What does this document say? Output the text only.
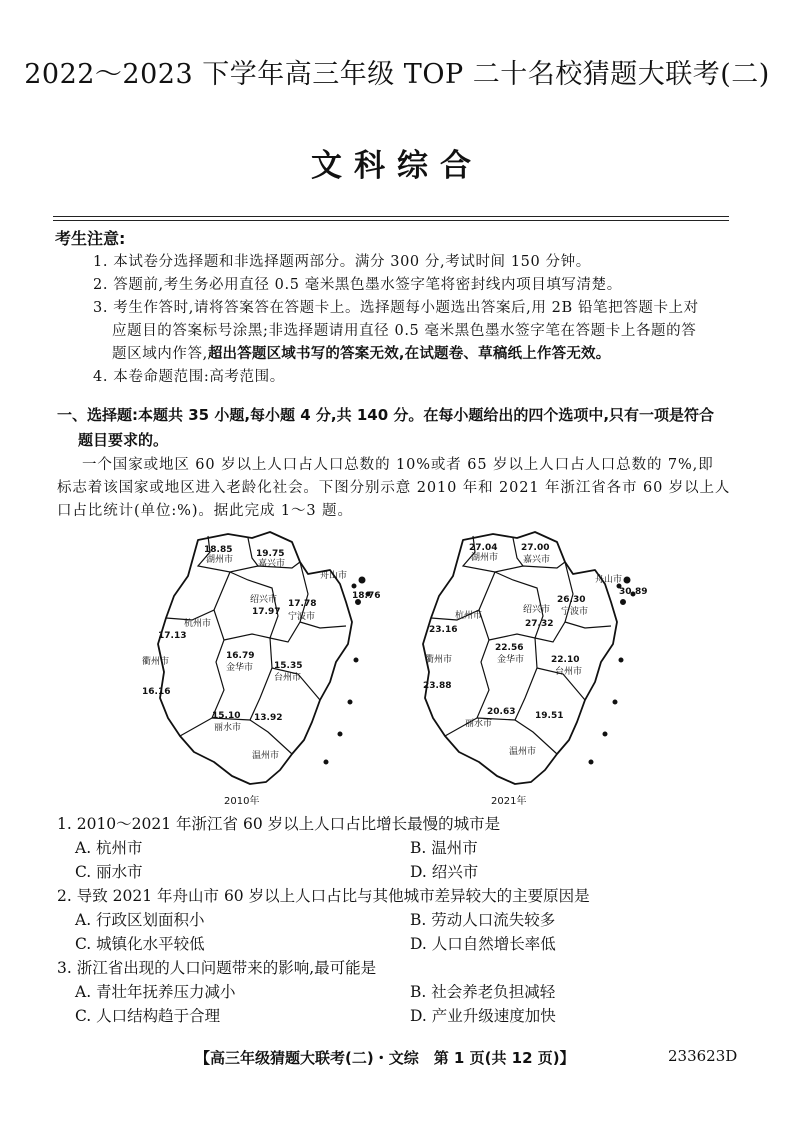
2022～2023 下学年高三年级 TOP 二十名校猜题大联考(二)
文科综合
考生注意:
1. 本试卷分选择题和非选择题两部分。满分 300 分,考试时间 150 分钟。
2. 答题前,考生务必用直径 0.5 毫米黑色墨水签字笔将密封线内项目填写清楚。
3. 考生作答时,请将答案答在答题卡上。选择题每小题选出答案后,用 2B 铅笔把答题卡上对
应题目的答案标号涂黑;非选择题请用直径 0.5 毫米黑色墨水签字笔在答题卡上各题的答
题区域内作答,超出答题区域书写的答案无效,在试题卷、草稿纸上作答无效。
4. 本卷命题范围:高考范围。
一、选择题:本题共 35 小题,每小题 4 分,共 140 分。在每小题给出的四个选项中,只有一项是符合
题目要求的。
一个国家或地区 60 岁以上人口占人口总数的 10%或者 65 岁以上人口占人口总数的 7%,即
标志着该国家或地区进入老龄化社会。下图分别示意 2010 年和 2021 年浙江省各市 60 岁以上人
口占比统计(单位:%)。据此完成 1～3 题。
18.85
湖州市
19.75
嘉兴市
舟山市
18.76
17.78
宁波市
杭州市
17.13
绍兴市
17.97
16.79
金华市
衢州市
16.16
15.35
台州市
15.10
丽水市
13.92
温州市
2010年
27.04
湖州市
27.00
嘉兴市
舟山市
30.89
26.30
宁波市
杭州市
23.16
绍兴市
27.32
22.56
金华市
衢州市
23.88
22.10
台州市
20.63
丽水市
19.51
温州市
2021年
1. 2010～2021 年浙江省 60 岁以上人口占比增长最慢的城市是
A. 杭州市	B. 温州市
C. 丽水市	D. 绍兴市
2. 导致 2021 年舟山市 60 岁以上人口占比与其他城市差异较大的主要原因是
A. 行政区划面积小	B. 劳动人口流失较多
C. 城镇化水平较低	D. 人口自然增长率低
3. 浙江省出现的人口问题带来的影响,最可能是
A. 青壮年抚养压力减小	B. 社会养老负担减轻
C. 人口结构趋于合理	D. 产业升级速度加快
【高三年级猜题大联考(二)・文综　第 1 页(共 12 页)】	233623D
